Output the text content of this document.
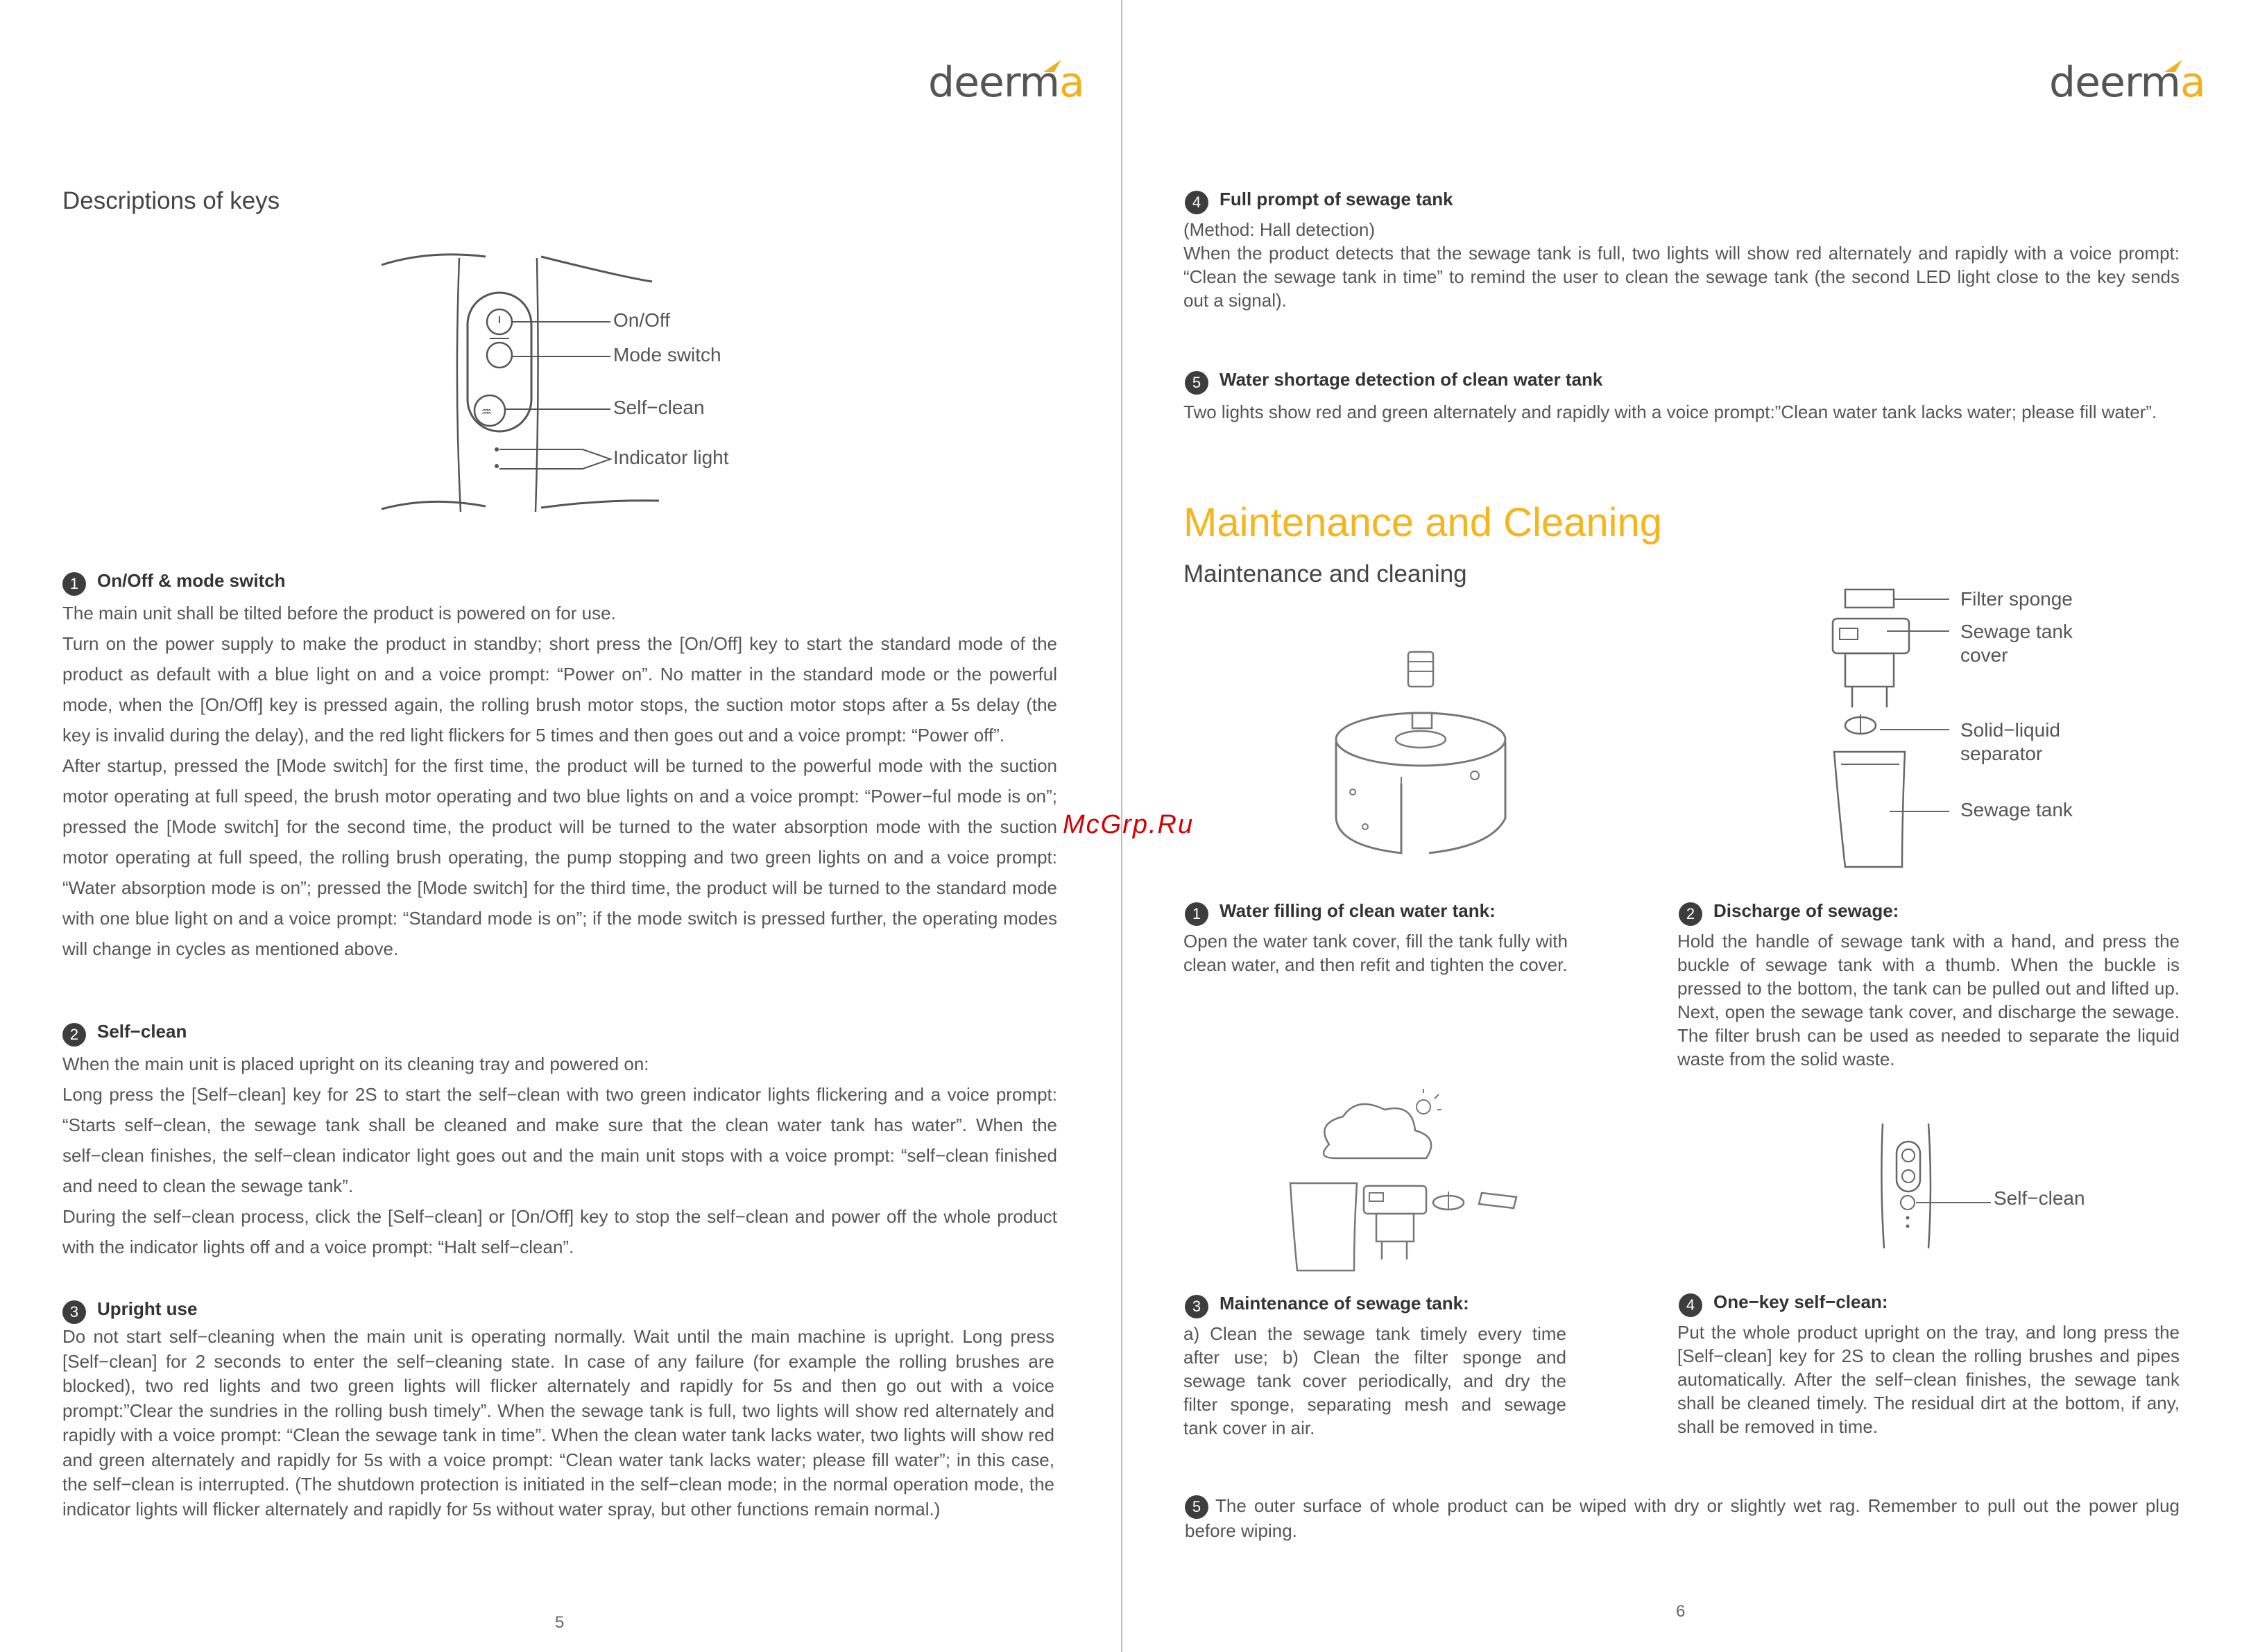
deerma	deerma
Descriptions of keys
♒
On/Off
Mode switch
Self−clean
Indicator light
1 On/Off & mode switch

The main unit shall be tilted before the product is powered on for use.

Turn on the power supply to make the product in standby; short press the [On/Off] key to start the standard mode of the product as default with a blue light on and a voice prompt: “Power on”. No matter in the standard mode or the powerful mode, when the [On/Off] key is pressed again, the rolling brush motor stops, the suction motor stops after a 5s delay (the key is invalid during the delay), and the red light flickers for 5 times and then goes out and a voice prompt: “Power off”.

After startup, pressed the [Mode switch] for the first time, the product will be turned to the powerful mode with the suction motor operating at full speed, the brush motor operating and two blue lights on and a voice prompt: “Power−ful mode is on”; pressed the [Mode switch] for the second time, the product will be turned to the water absorption mode with the suction motor operating at full speed, the rolling brush operating, the pump stopping and two green lights on and a voice prompt: “Water absorption mode is on”; pressed the [Mode switch] for the third time, the product will be turned to the standard mode with one blue light on and a voice prompt: “Standard mode is on”; if the mode switch is pressed further, the operating modes will change in cycles as mentioned above.

2 Self−clean

When the main unit is placed upright on its cleaning tray and powered on:

Long press the [Self−clean] key for 2S to start the self−clean with two green indicator lights flickering and a voice prompt: “Starts self−clean, the sewage tank shall be cleaned and make sure that the clean water tank has water”. When the self−clean finishes, the self−clean indicator light goes out and the main unit stops with a voice prompt: “self−clean finished and need to clean the sewage tank”.

During the self−clean process, click the [Self−clean] or [On/Off] key to stop the self−clean and power off the whole product with the indicator lights off and a voice prompt: “Halt self−clean”.

3 Upright use

Do not start self−cleaning when the main unit is operating normally. Wait until the main machine is upright. Long press [Self−clean] for 2 seconds to enter the self−cleaning state. In case of any failure (for example the rolling brushes are blocked), two red lights and two green lights will flicker alternately and rapidly for 5s and then go out with a voice prompt:”Clear the sundries in the rolling bush timely”. When the sewage tank is full, two lights will show red alternately and rapidly with a voice prompt: “Clean the sewage tank in time”. When the clean water tank lacks water, two lights will show red and green alternately and rapidly for 5s with a voice prompt: “Clean water tank lacks water; please fill water”; in this case, the self−clean is interrupted. (The shutdown protection is initiated in the self−clean mode; in the normal operation mode, the indicator lights will flicker alternately and rapidly for 5s without water spray, but other functions remain normal.)

5
McGrp.Ru
4 Full prompt of sewage tank

(Method: Hall detection)

When the product detects that the sewage tank is full, two lights will show red alternately and rapidly with a voice prompt: “Clean the sewage tank in time” to remind the user to clean the sewage tank (the second LED light close to the key sends out a signal).

5 Water shortage detection of clean water tank

Two lights show red and green alternately and rapidly with a voice prompt:”Clean water tank lacks water; please fill water”.

Maintenance and Cleaning
Maintenance and cleaning
Filter sponge
Sewage tank cover
Solid−liquid separator
Sewage tank
1 Water filling of clean water tank:
Open the water tank cover, fill the tank fully with clean water, and then refit and tighten the cover.
2 Discharge of sewage:
Hold the handle of sewage tank with a hand, and press the buckle of sewage tank with a thumb. When the buckle is pressed to the bottom, the tank can be pulled out and lifted up. Next, open the sewage tank cover, and discharge the sewage. The filter brush can be used as needed to separate the liquid waste from the solid waste.
Self−clean
3 Maintenance of sewage tank:
a) Clean the sewage tank timely every time after use; b) Clean the filter sponge and sewage tank cover periodically, and dry the filter sponge, separating mesh and sewage tank cover in air.
4 One−key self−clean:
Put the whole product upright on the tray, and long press the [Self−clean] key for 2S to clean the rolling brushes and pipes automatically. After the self−clean finishes, the sewage tank shall be cleaned timely. The residual dirt at the bottom, if any, shall be removed in time.
5 The outer surface of whole product can be wiped with dry or slightly wet rag. Remember to pull out the power plug before wiping.
6
